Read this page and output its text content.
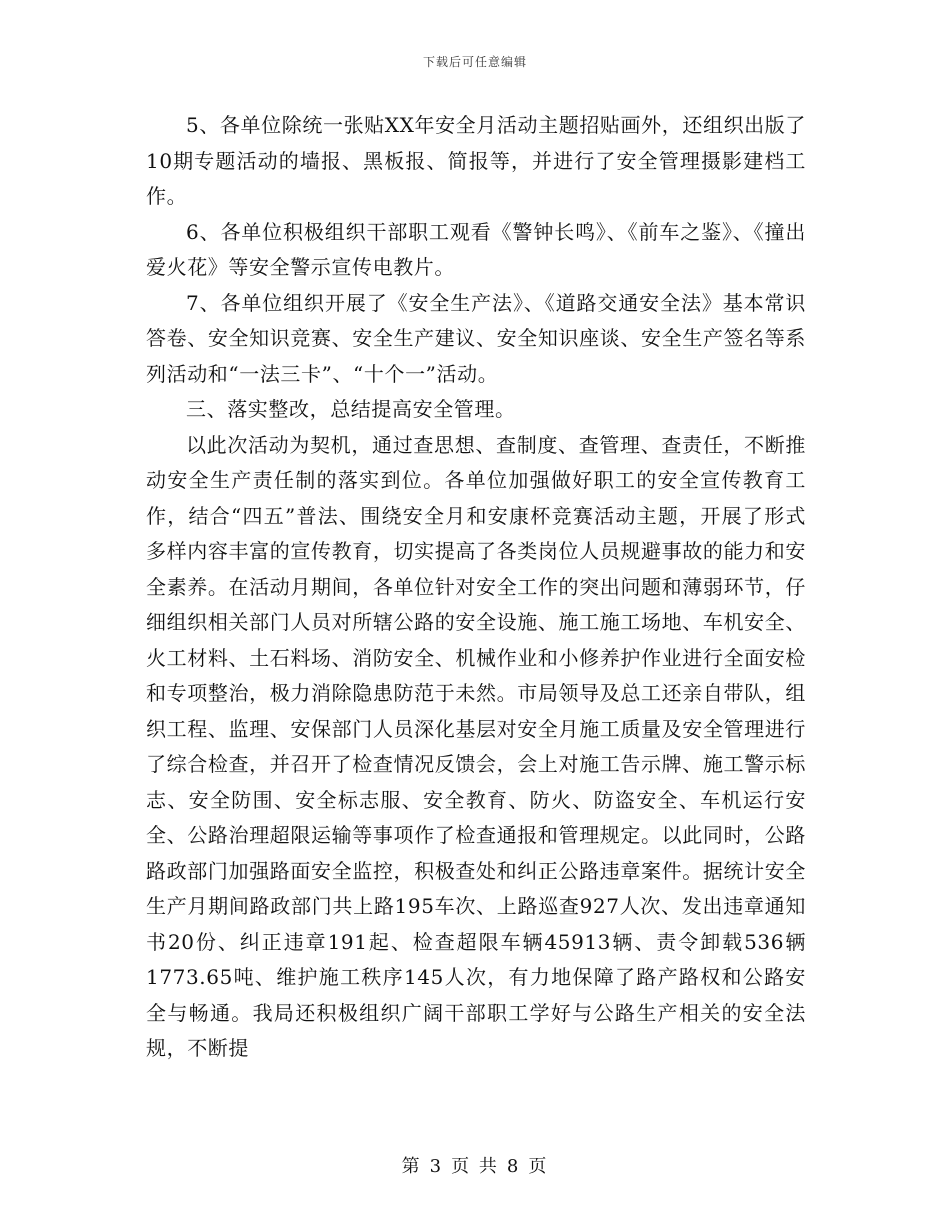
下载后可任意编辑

5、各单位除统一张贴XX年安全月活动主题招贴画外，还组织出版了10期专题活动的墙报、黑板报、简报等，并进行了安全管理摄影建档工作。

6、各单位积极组织干部职工观看《警钟长鸣》、《前车之鉴》、《撞出爱火花》等安全警示宣传电教片。

7、各单位组织开展了《安全生产法》、《道路交通安全法》基本常识答卷、安全知识竞赛、安全生产建议、安全知识座谈、安全生产签名等系列活动和“一法三卡”、“十个一”活动。

三、落实整改，总结提高安全管理。

以此次活动为契机，通过查思想、查制度、查管理、查责任，不断推动安全生产责任制的落实到位。各单位加强做好职工的安全宣传教育工作，结合“四五”普法、围绕安全月和安康杯竞赛活动主题，开展了形式多样内容丰富的宣传教育，切实提高了各类岗位人员规避事故的能力和安全素养。在活动月期间，各单位针对安全工作的突出问题和薄弱环节，仔细组织相关部门人员对所辖公路的安全设施、施工施工场地、车机安全、火工材料、土石料场、消防安全、机械作业和小修养护作业进行全面安检和专项整治，极力消除隐患防范于未然。市局领导及总工还亲自带队，组织工程、监理、安保部门人员深化基层对安全月施工质量及安全管理进行了综合检查，并召开了检查情况反馈会，会上对施工告示牌、施工警示标志、安全防围、安全标志服、安全教育、防火、防盗安全、车机运行安全、公路治理超限运输等事项作了检查通报和管理规定。以此同时，公路路政部门加强路面安全监控，积极查处和纠正公路违章案件。据统计安全生产月期间路政部门共上路195车次、上路巡查927人次、发出违章通知书20份、纠正违章191起、检查超限车辆45913辆、责令卸载536辆1773.65吨、维护施工秩序145人次，有力地保障了路产路权和公路安全与畅通。我局还积极组织广阔干部职工学好与公路生产相关的安全法规，不断提

第 3 页 共 8 页
